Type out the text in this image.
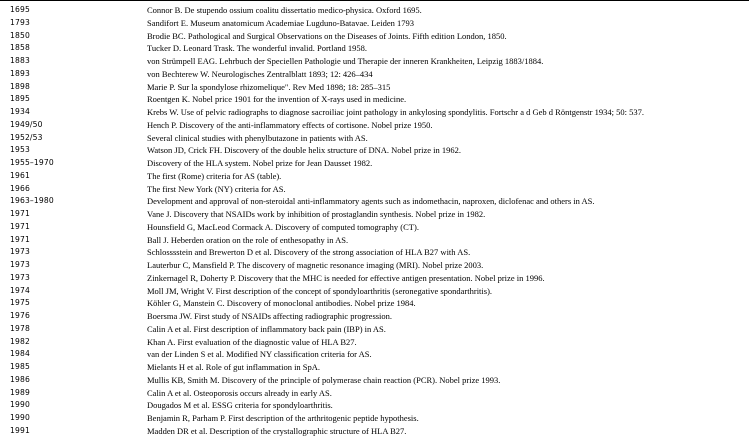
1695	Connor B. De stupendo ossium coalitu dissertatio medico-physica. Oxford 1695.
1793	Sandifort E. Museum anatomicum Academiae Lugduno-Batavae. Leiden 1793
1850	Brodie BC. Pathological and Surgical Observations on the Diseases of Joints. Fifth edition London, 1850.
1858	Tucker D. Leonard Trask. The wonderful invalid. Portland 1958.
1883	von Strümpell EAG. Lehrbuch der Speciellen Pathologie und Therapie der inneren Krankheiten, Leipzig 1883/1884.
1893	von Bechterew W. Neurologisches Zentralblatt 1893; 12: 426–434
1898	Marie P. Sur la spondylose rhizomelique". Rev Med 1898; 18: 285–315
1895	Roentgen K. Nobel price 1901 for the invention of X-rays used in medicine.
1934	Krebs W. Use of pelvic radiographs to diagnose sacroiliac joint pathology in ankylosing spondylitis. Fortschr a d Geb d Röntgenstr 1934; 50: 537.
1949/50	Hench P. Discovery of the anti-inflammatory effects of cortisone. Nobel prize 1950.
1952/53	Several clinical studies with phenylbutazone in patients with AS.
1953	Watson JD, Crick FH. Discovery of the double helix structure of DNA. Nobel prize in 1962.
1955–1970	Discovery of the HLA system. Nobel prize for Jean Dausset 1982.
1961	The first (Rome) criteria for AS (table).
1966	The first New York (NY) criteria for AS.
1963–1980	Development and approval of non-steroidal anti-inflammatory agents such as indomethacin, naproxen, diclofenac and others in AS.
1971	Vane J. Discovery that NSAIDs work by inhibition of prostaglandin synthesis. Nobel prize in 1982.
1971	Hounsfield G, MacLeod Cormack A. Discovery of computed tomography (CT).
1971	Ball J. Heberden oration on the role of enthesopathy in AS.
1973	Schlosssstein and Brewerton D et al. Discovery of the strong association of HLA B27 with AS.
1973	Lauterbur C, Mansfield P. The discovery of magnetic resonance imaging (MRI). Nobel prize 2003.
1973	Zinkernagel R, Doherty P. Discovery that the MHC is needed for effective antigen presentation. Nobel prize in 1996.
1974	Moll JM, Wright V. First description of the concept of spondyloarthritis (seronegative spondarthritis).
1975	Köhler G, Manstein C. Discovery of monoclonal antibodies. Nobel prize 1984.
1976	Boersma JW. First study of NSAIDs affecting radiographic progression.
1978	Calin A et al. First description of inflammatory back pain (IBP) in AS.
1982	Khan A. First evaluation of the diagnostic value of HLA B27.
1984	van der Linden S et al. Modified NY classification criteria for AS.
1985	Mielants H et al. Role of gut inflammation in SpA.
1986	Mullis KB, Smith M. Discovery of the principle of polymerase chain reaction (PCR). Nobel prize 1993.
1989	Calin A et al. Osteoporosis occurs already in early AS.
1990	Dougados M et al. ESSG criteria for spondyloarthritis.
1990	Benjamin R, Parham P. First description of the arthritogenic peptide hypothesis.
1991	Madden DR et al. Description of the crystallographic structure of HLA B27.
